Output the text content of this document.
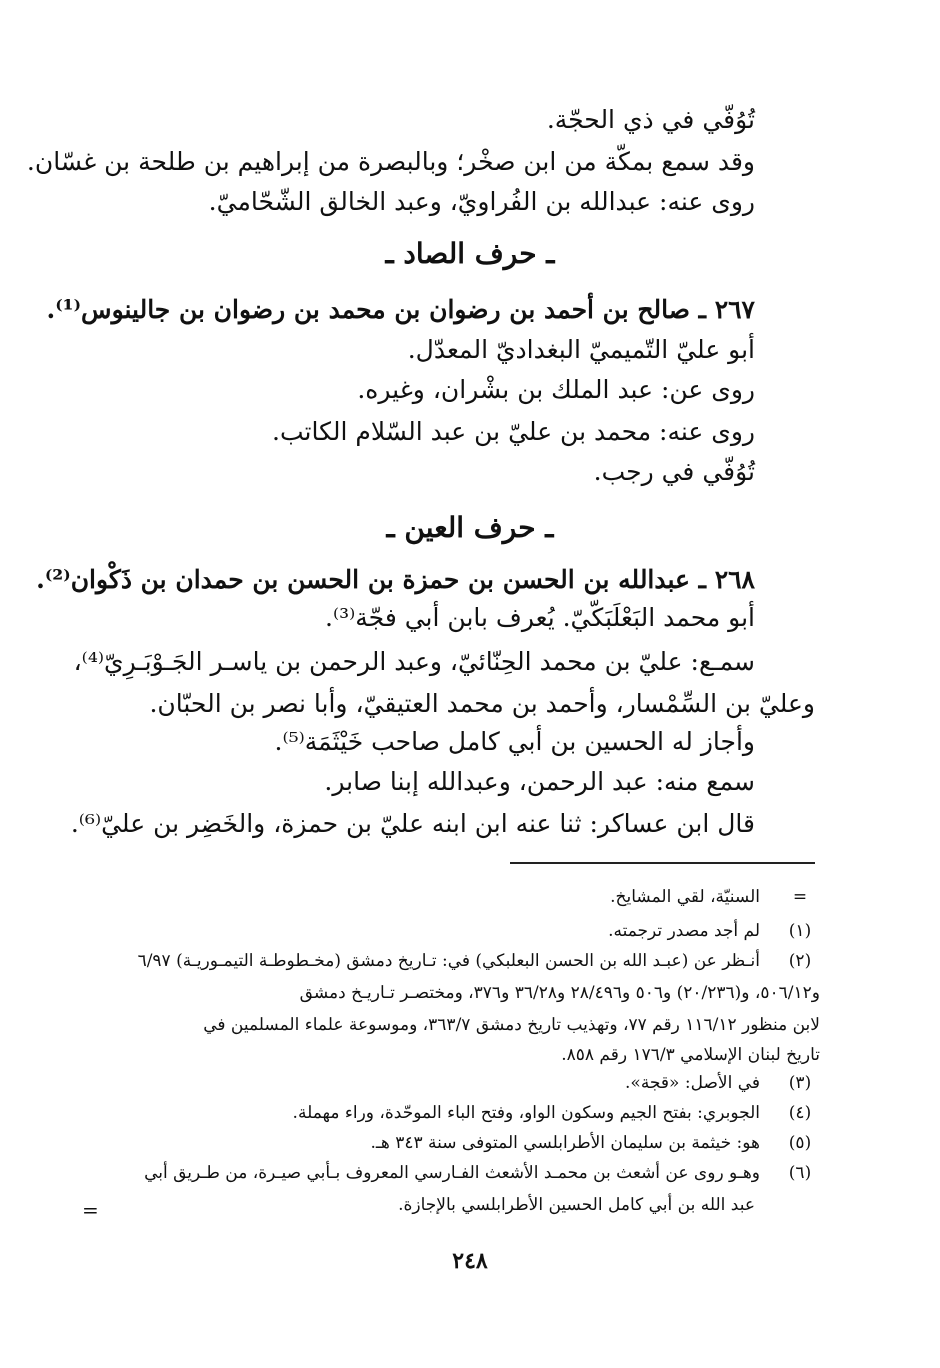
تُوُفّي في ذي الحجّة.
وقد سمع بمكّة من ابن صخْر؛ وبالبصرة من إبراهيم بن طلحة بن غسّان.
روى عنه: عبدالله بن الفُراويّ، وعبد الخالق الشّحّاميّ.
ـ حرف الصاد ـ
٢٦٧ ـ صالح بن أحمد بن رضوان بن محمد بن رضوان بن جالينوس⁽¹⁾.
أبو عليّ التّميميّ البغداديّ المعدّل.
روى عن: عبد الملك بن بشْران، وغيره.
روى عنه: محمد بن عليّ بن عبد السّلام الكاتب.
تُوُفّي في رجب.
ـ حرف العين ـ
٢٦٨ ـ عبدالله بن الحسن بن حمزة بن الحسن بن حمدان بن ذَكْوان⁽²⁾.
أبو محمد البَعْلَبَكّيّ. يُعرف بابن أبي فجّة⁽³⁾.
سمـع: عليّ بن محمد الحِنّائيّ، وعبد الرحمن بن ياسـر الجَـوْبَـرِيّ⁽⁴⁾،
وعليّ بن السِّمْسار، وأحمد بن محمد العتيقيّ، وأبا نصر بن الحبّان.
وأجاز له الحسين بن أبي كامل صاحب خَيْثَمَة⁽⁵⁾.
سمع منه: عبد الرحمن، وعبدالله إبنا صابر.
قال ابن عساكر: ثنا عنه ابن ابنه عليّ بن حمزة، والخَضِر بن عليّ⁽⁶⁾.
=
السنيّة، لقي المشايخ.
(١)
لم أجد مصدر ترجمته.
(٢)
أنـظر عن (عبـد الله بن الحسن البعلبكي) في: تـاريخ دمشق (مخـطوطـة التيمـوريـة) ٦/٩٧
و٥٠٦/١٢، و(٢٠/٢٣٦) و٥٠٦ و٢٨/٤٩٦ و٣٦/٢٨ و٣٧٦، ومختصـر تـاريـخ دمشق
لابن منظور ١١٦/١٢ رقم ٧٧، وتهذيب تاريخ دمشق ٣٦٣/٧، وموسوعة علماء المسلمين في
تاريخ لبنان الإسلامي ١٧٦/٣ رقم ٨٥٨.
(٣)
في الأصل: «قجة».
(٤)
الجوبري: بفتح الجيم وسكون الواو، وفتح الباء الموحّدة، وراء مهملة.
(٥)
هو: خيثمة بن سليمان الأطرابلسي المتوفى سنة ٣٤٣ هـ.
(٦)
وهـو روى عن أشعث بن محمـد الأشعث الفـارسي المعروف بـأبي صيـرة، من طـريق أبي
عبد الله بن أبي كامل الحسين الأطرابلسي بالإجازة.
=
٢٤٨
